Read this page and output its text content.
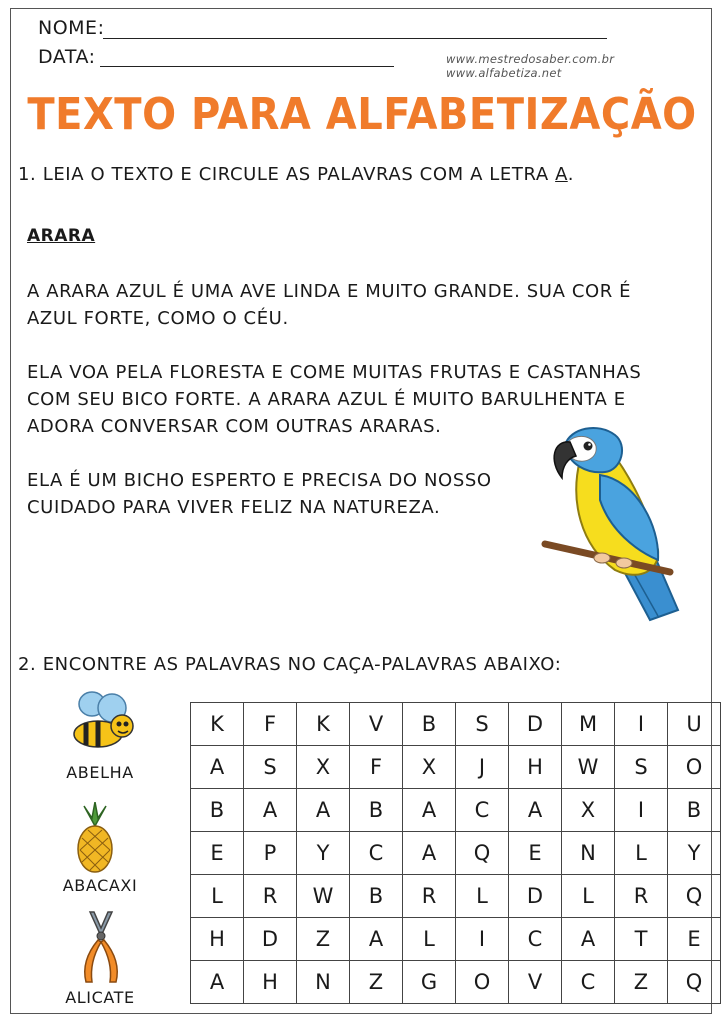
NOME:
DATA:	www.mestredosaber.com.br
www.alfabetiza.net
TEXTO PARA ALFABETIZAÇÃO
1. LEIA O TEXTO E CIRCULE AS PALAVRAS COM A LETRA A.
ARARA
A ARARA AZUL É UMA AVE LINDA E MUITO GRANDE. SUA COR É
AZUL FORTE, COMO O CÉU.
ELA VOA PELA FLORESTA E COME MUITAS FRUTAS E CASTANHAS
COM SEU BICO FORTE. A ARARA AZUL É MUITO BARULHENTA E
ADORA CONVERSAR COM OUTRAS ARARAS.
ELA É UM BICHO ESPERTO E PRECISA DO NOSSO
CUIDADO PARA VIVER FELIZ NA NATUREZA.
2. ENCONTRE AS PALAVRAS NO CAÇA-PALAVRAS ABAIXO:
ABELHA
ABACAXI
ALICATE
K	F	K	V	B	S	D	M	I	U
A	S	X	F	X	J	H	W	S	O
B	A	A	B	A	C	A	X	I	B
E	P	Y	C	A	Q	E	N	L	Y
L	R	W	B	R	L	D	L	R	Q
H	D	Z	A	L	I	C	A	T	E
A	H	N	Z	G	O	V	C	Z	Q
